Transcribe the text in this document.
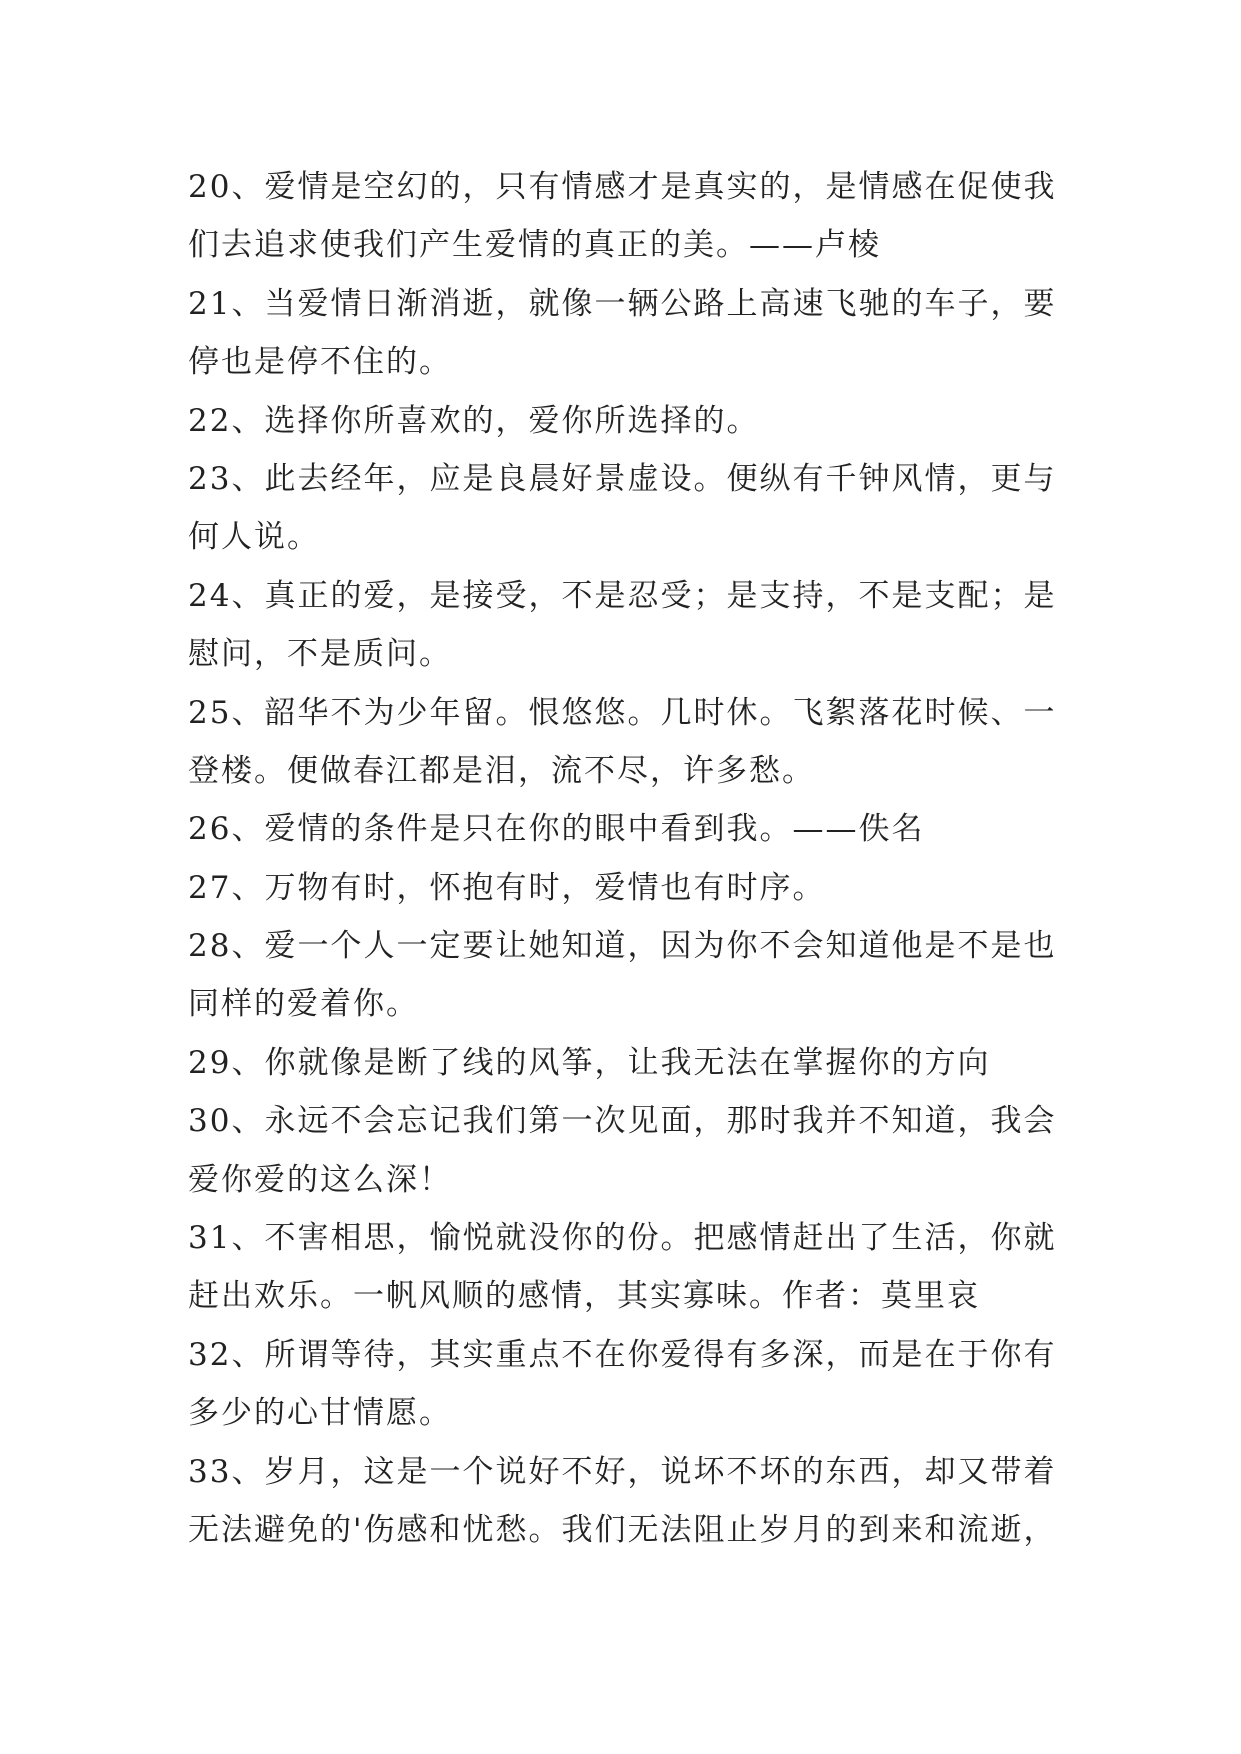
20、爱情是空幻的，只有情感才是真实的，是情感在促使我
们去追求使我们产生爱情的真正的美。——卢棱
21、当爱情日渐消逝，就像一辆公路上高速飞驰的车子，要
停也是停不住的。
22、选择你所喜欢的，爱你所选择的。
23、此去经年，应是良晨好景虚设。便纵有千钟风情，更与
何人说。
24、真正的爱，是接受，不是忍受；是支持，不是支配；是
慰问，不是质问。
25、韶华不为少年留。恨悠悠。几时休。飞絮落花时候、一
登楼。便做春江都是泪，流不尽，许多愁。
26、爱情的条件是只在你的眼中看到我。——佚名
27、万物有时，怀抱有时，爱情也有时序。
28、爱一个人一定要让她知道，因为你不会知道他是不是也
同样的爱着你。
29、你就像是断了线的风筝，让我无法在掌握你的方向
30、永远不会忘记我们第一次见面，那时我并不知道，我会
爱你爱的这么深！
31、不害相思，愉悦就没你的份。把感情赶出了生活，你就
赶出欢乐。一帆风顺的感情，其实寡味。作者：莫里哀
32、所谓等待，其实重点不在你爱得有多深，而是在于你有
多少的心甘情愿。
33、岁月，这是一个说好不好，说坏不坏的东西，却又带着
无法避免的'伤感和忧愁。我们无法阻止岁月的到来和流逝，
